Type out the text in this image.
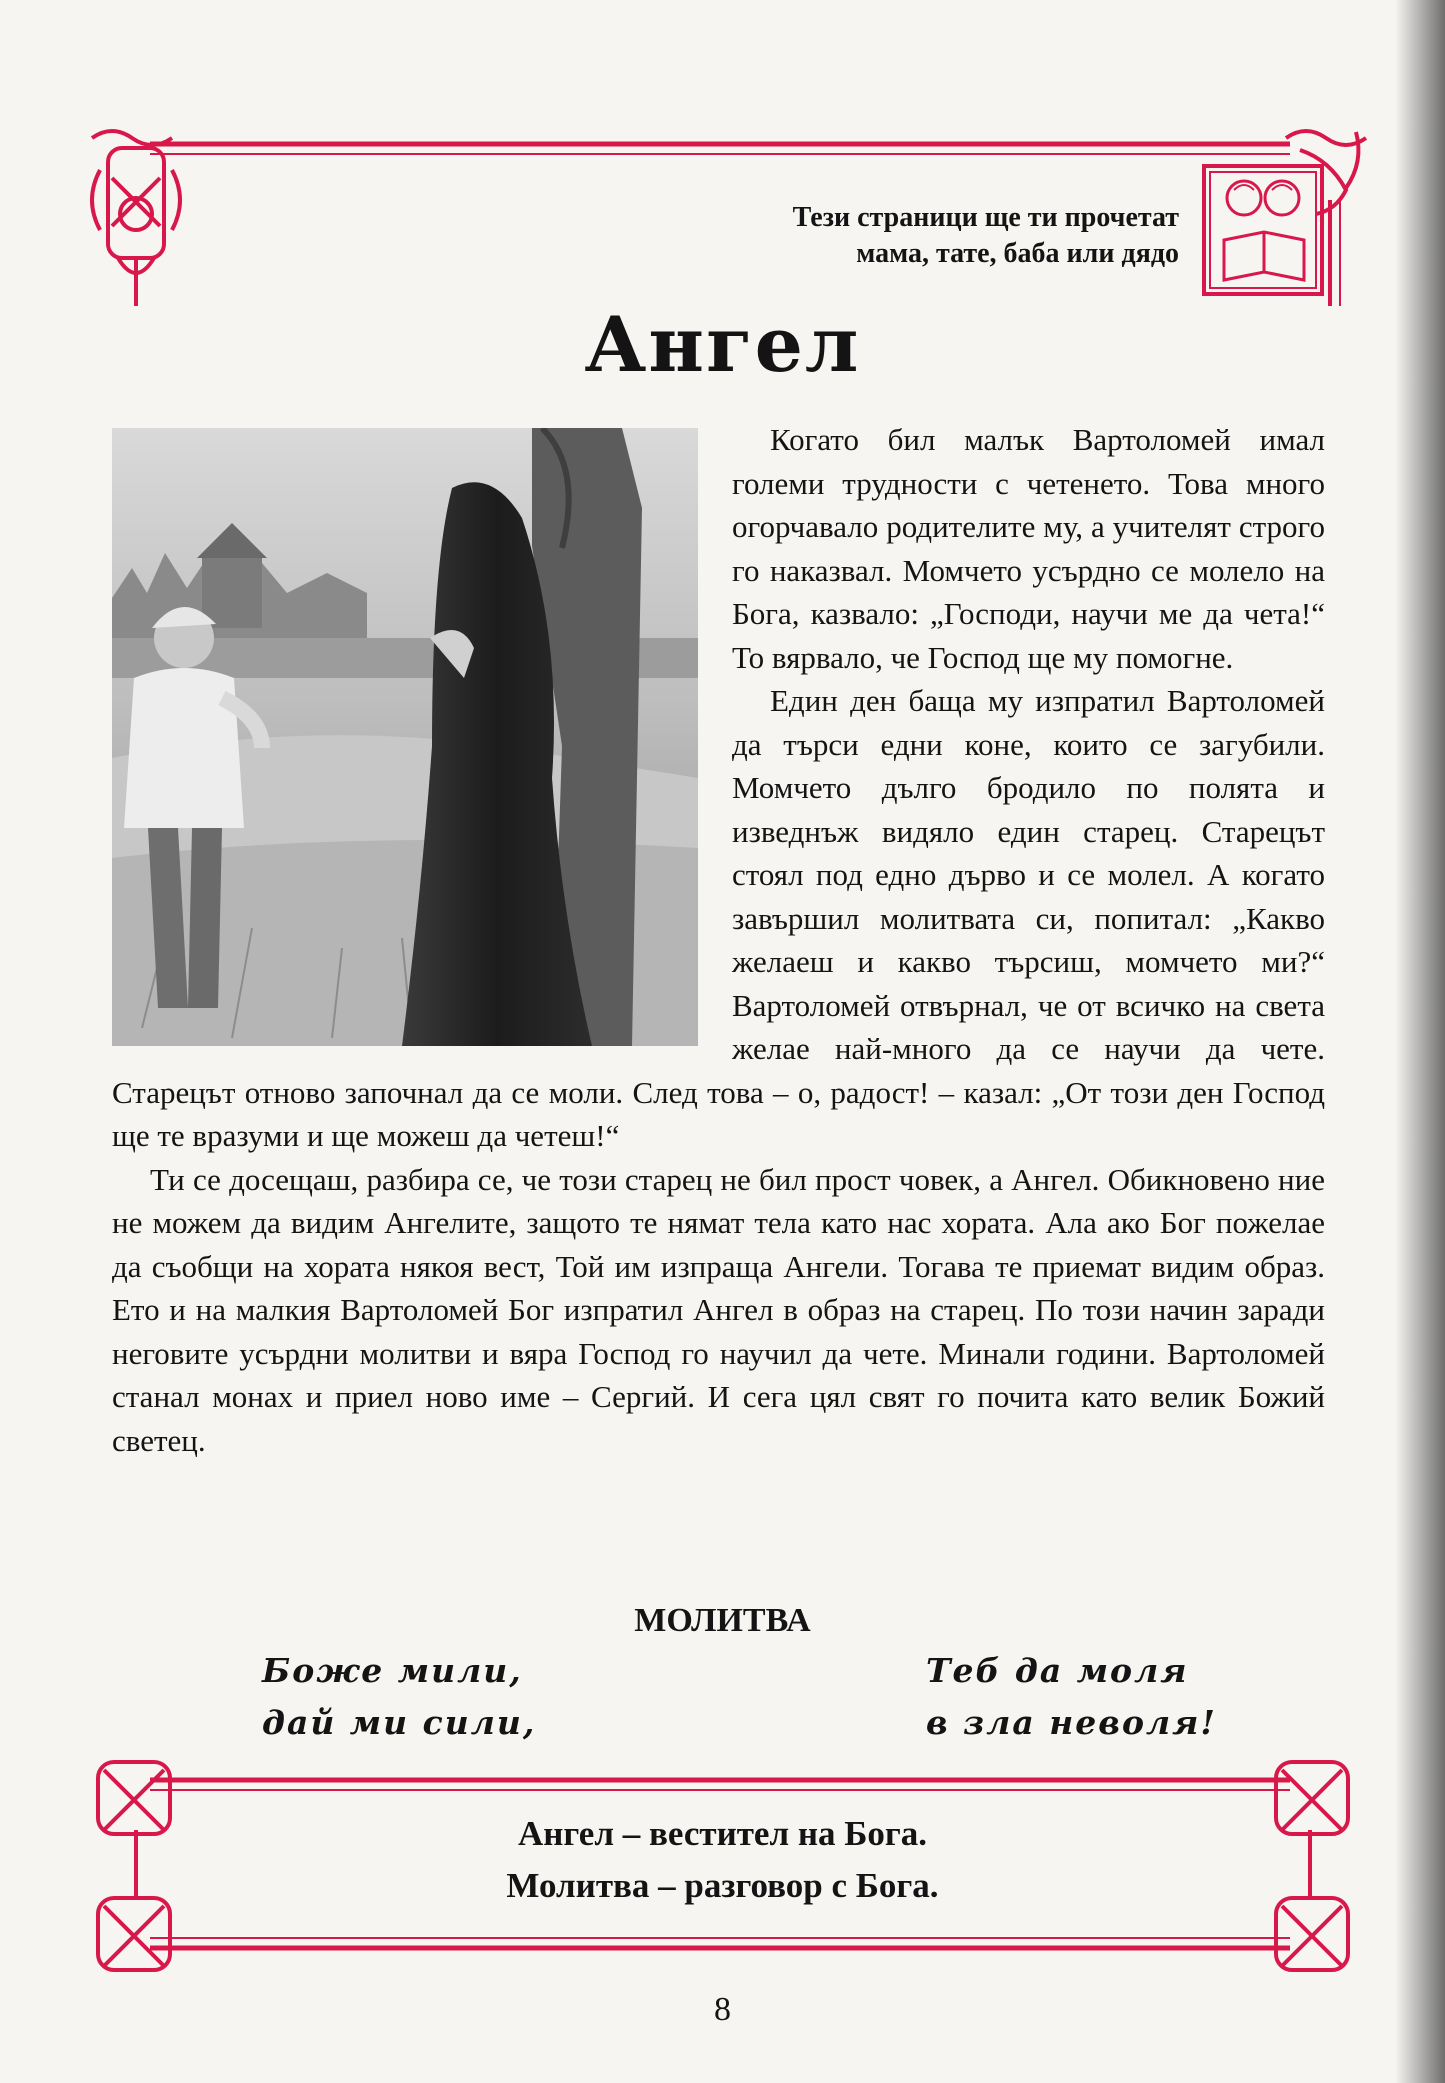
Тези страници ще ти прочетат
мама, тате, баба или дядо
Ангел

Когато бил малък Вартоломей имал големи трудности с четенето. Това много огорчавало родителите му, а учителят строго го наказвал. Момчето усърдно се молело на Бога, казвало: „Господи, научи ме да чета!“ То вярвало, че Господ ще му помогне.

Един ден баща му изпратил Вартоломей да търси едни коне, които се загубили. Момчето дълго бродило по полята и изведнъж видяло един старец. Старецът стоял под едно дърво и се молел. А когато завършил молитвата си, попитал: „Какво желаеш и какво търсиш, момчето ми?“ Вартоломей отвърнал, че от всичко на света желае най-много да се научи да чете. Старецът отново започнал да се моли. След това – о, радост! – казал: „От този ден Господ ще те вразуми и ще можеш да четеш!“

Ти се досещаш, разбира се, че този старец не бил прост човек, а Ангел. Обикновено ние не можем да видим Ангелите, защото те нямат тела като нас хората. Ала ако Бог пожелае да съобщи на хората някоя вест, Той им изпраща Ангели. Тогава те приемат видим образ. Ето и на малкия Вартоломей Бог изпратил Ангел в образ на старец. По този начин заради неговите усърдни молитви и вяра Господ го научил да чете. Минали години. Вартоломей станал монах и приел ново име – Сергий. И сега цял свят го почита като велик Божий светец.

МОЛИТВА
Боже мили,
дай ми сили,
Теб да моля
в зла неволя!
Ангел – вестител на Бога.
Молитва – разговор с Бога.
8
